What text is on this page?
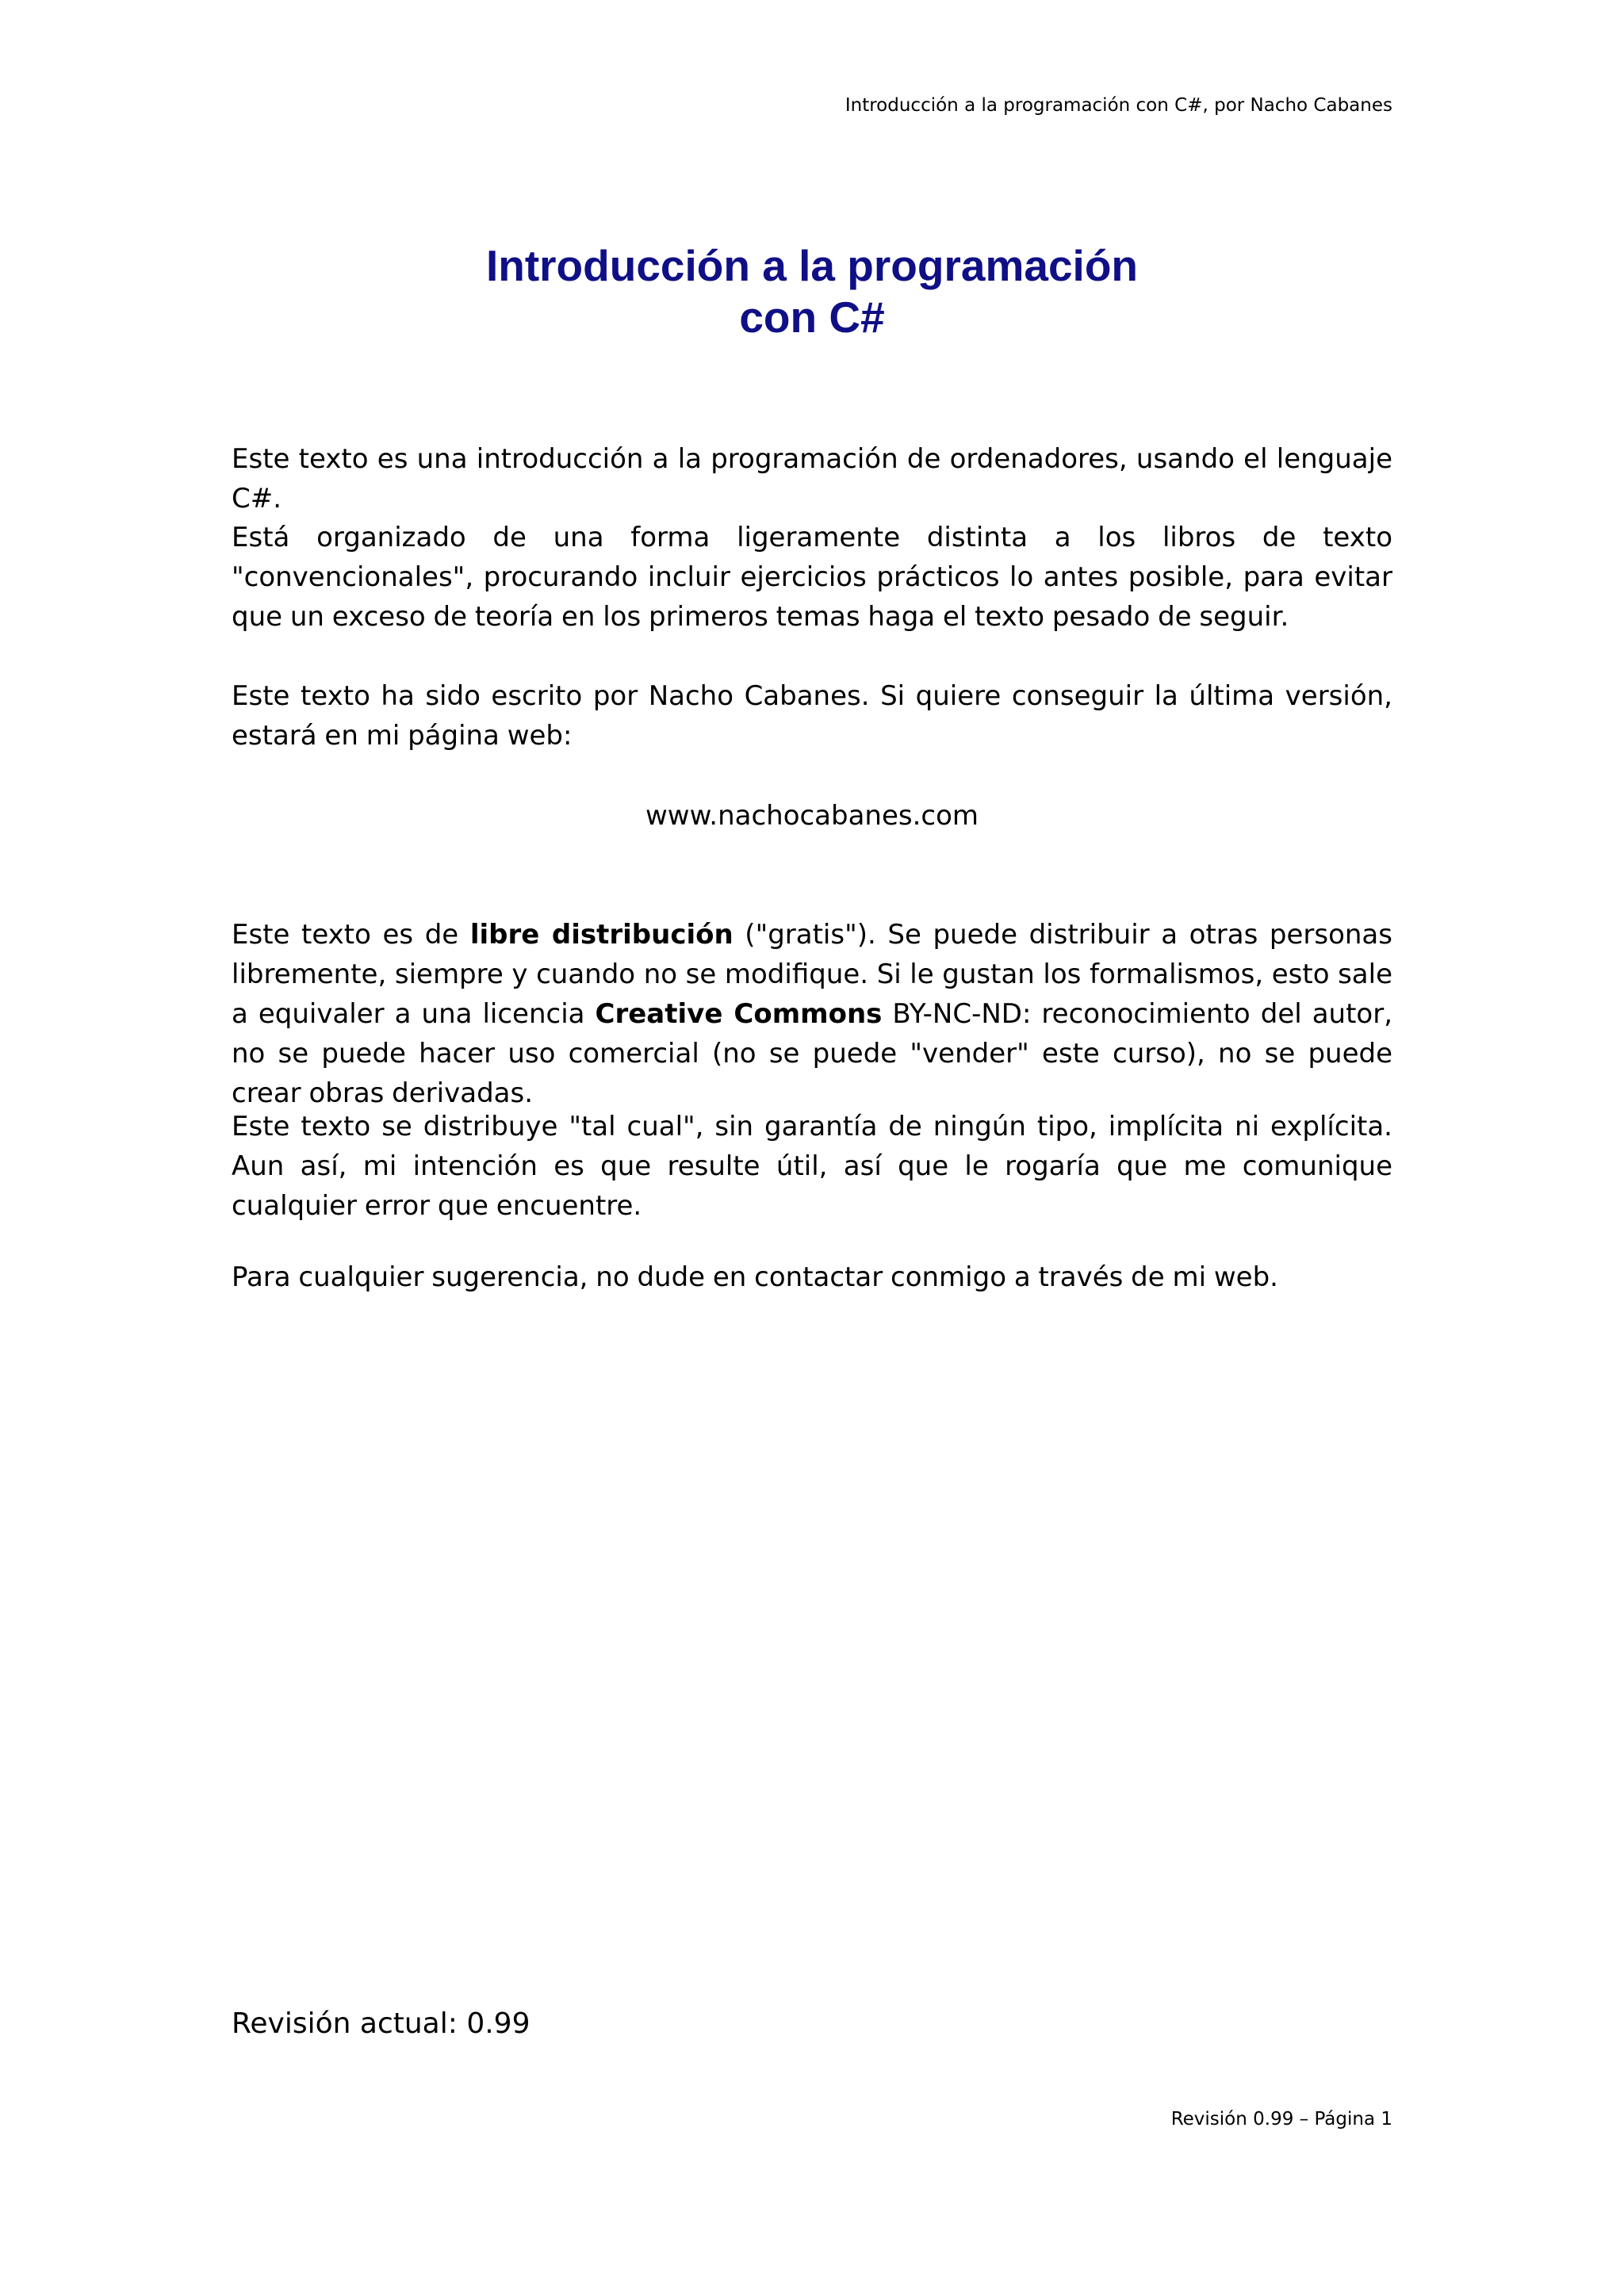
Introducción a la programación con C#, por Nacho Cabanes
Introducción a la programación
con C#

Este texto es una introducción a la programación de ordenadores, usando el lenguaje C#.

Está organizado de una forma ligeramente distinta a los libros de texto "convencionales", procurando incluir ejercicios prácticos lo antes posible, para evitar que un exceso de teoría en los primeros temas haga el texto pesado de seguir.

Este texto ha sido escrito por Nacho Cabanes. Si quiere conseguir la última versión, estará en mi página web:

www.nachocabanes.com

Este texto es de libre distribución ("gratis"). Se puede distribuir a otras personas libremente, siempre y cuando no se modifique. Si le gustan los formalismos, esto sale a equivaler a una licencia Creative Commons BY-NC-ND: reconocimiento del autor, no se puede hacer uso comercial (no se puede "vender" este curso), no se puede crear obras derivadas.

Este texto se distribuye "tal cual", sin garantía de ningún tipo, implícita ni explícita. Aun así, mi intención es que resulte útil, así que le rogaría que me comunique cualquier error que encuentre.

Para cualquier sugerencia, no dude en contactar conmigo a través de mi web.

Revisión actual: 0.99

Revisión 0.99 – Página 1
